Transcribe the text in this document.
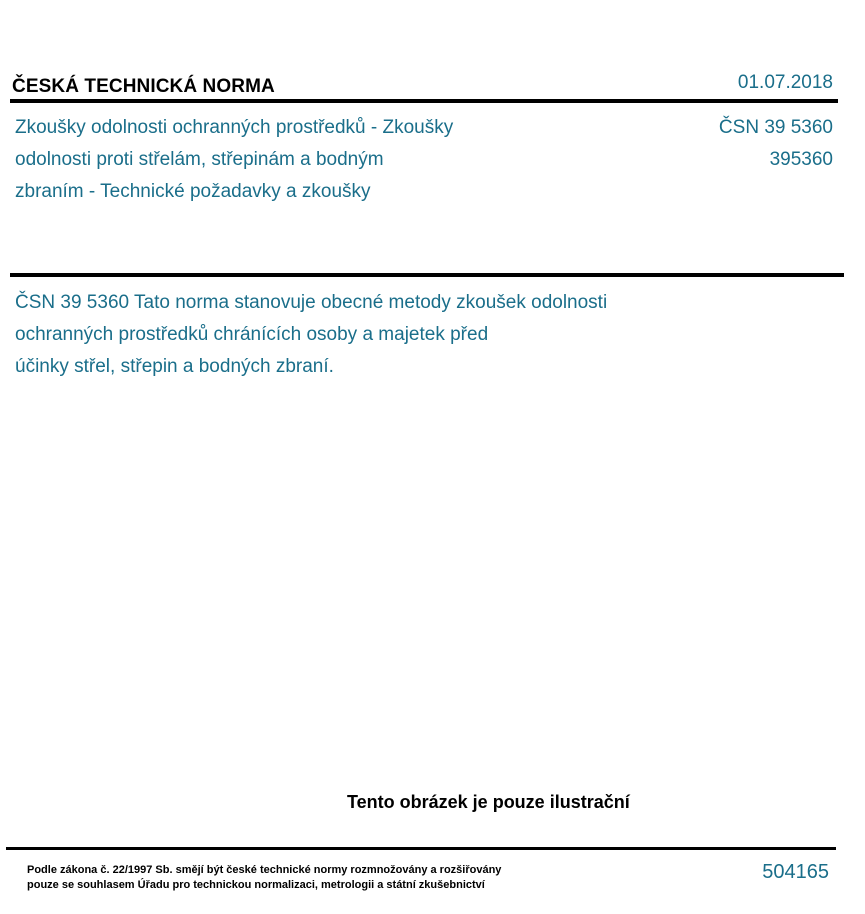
ČESKÁ TECHNICKÁ NORMA	01.07.2018
Zkoušky odolnosti ochranných prostředků - Zkoušky
odolnosti proti střelám, střepinám a bodným
zbraním - Technické požadavky a zkoušky
ČSN 39 5360
395360
ČSN 39 5360 Tato norma stanovuje obecné metody zkoušek odolnosti
ochranných prostředků chránících osoby a majetek před
účinky střel, střepin a bodných zbraní.
Tento obrázek je pouze ilustrační
Podle zákona č. 22/1997 Sb. smějí být české technické normy rozmnožovány a rozšiřovány
pouze se souhlasem Úřadu pro technickou normalizaci, metrologii a státní zkušebnictví
504165
